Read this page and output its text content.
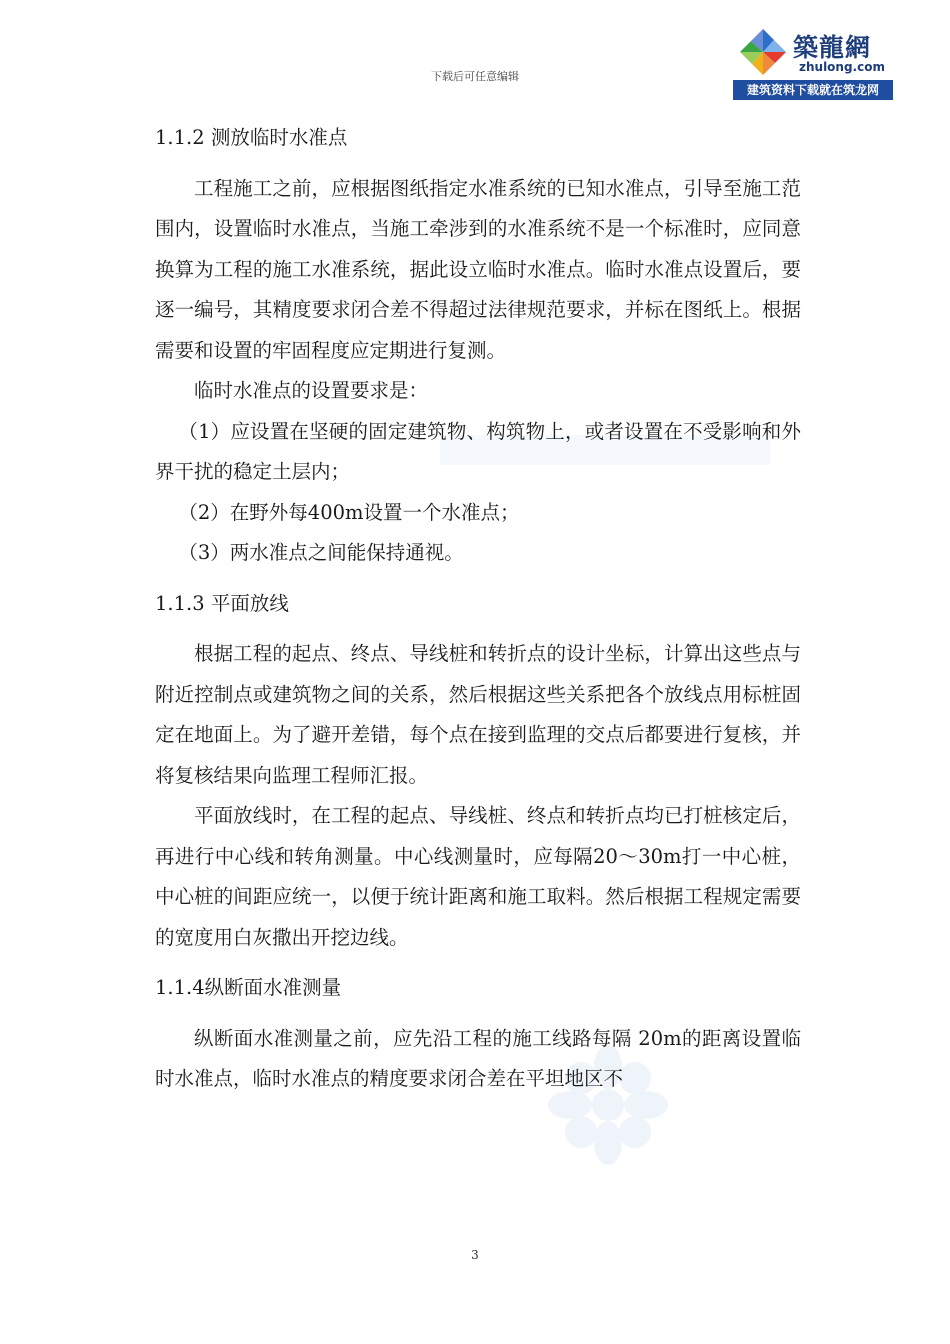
下载后可任意编辑
築龍網
zhulong.com
建筑资料下载就在筑龙网
1.1.2 测放临时水准点

工程施工之前，应根据图纸指定水准系统的已知水准点，引导至施工范围内，设置临时水准点，当施工牵涉到的水准系统不是一个标准时，应同意换算为工程的施工水准系统，据此设立临时水准点。临时水准点设置后，要逐一编号，其精度要求闭合差不得超过法律规范要求，并标在图纸上。根据需要和设置的牢固程度应定期进行复测。

临时水准点的设置要求是：

（1）应设置在坚硬的固定建筑物、构筑物上，或者设置在不受影响和外界干扰的稳定土层内；

（2）在野外每400m设置一个水准点；

（3）两水准点之间能保持通视。

1.1.3 平面放线

根据工程的起点、终点、导线桩和转折点的设计坐标，计算出这些点与附近控制点或建筑物之间的关系，然后根据这些关系把各个放线点用标桩固定在地面上。为了避开差错，每个点在接到监理的交点后都要进行复核，并将复核结果向监理工程师汇报。

平面放线时，在工程的起点、导线桩、终点和转折点均已打桩核定后， 再进行中心线和转角测量。中心线测量时，应每隔20～30m打一中心桩，中心桩的间距应统一，以便于统计距离和施工取料。然后根据工程规定需要的宽度用白灰撒出开挖边线。

1.1.4纵断面水准测量

纵断面水准测量之前，应先沿工程的施工线路每隔 20m的距离设置临时水准点，临时水准点的精度要求闭合差在平坦地区不

3
